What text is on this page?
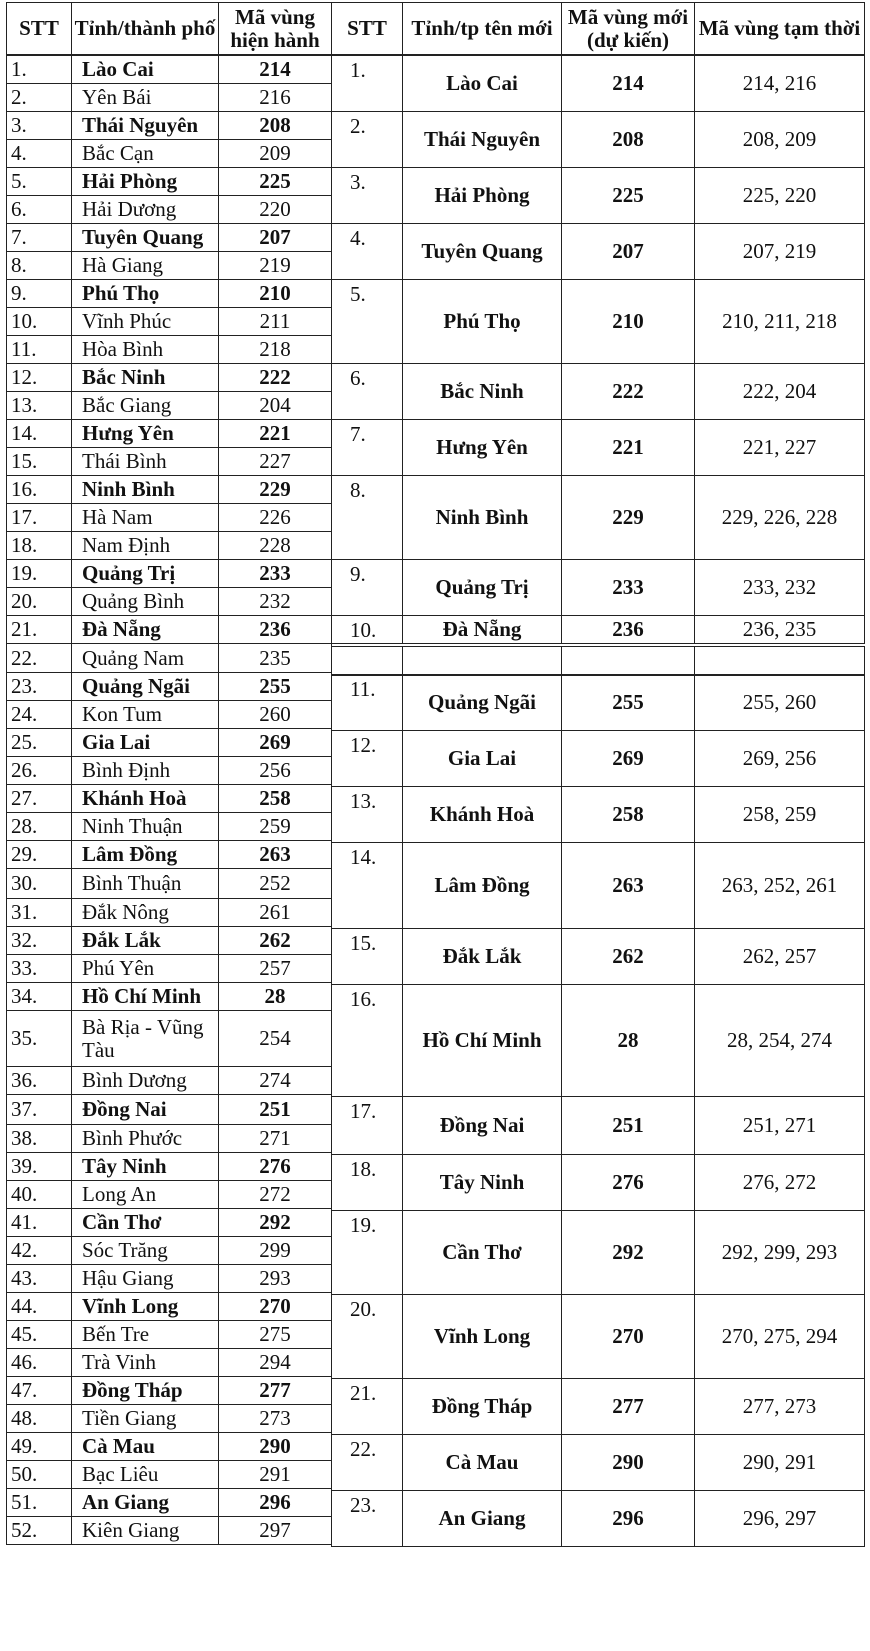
STT	Tỉnh/thành phố	Mã vùng hiện hành	STT	Tỉnh/tp tên mới	Mã vùng mới (dự kiến)	Mã vùng tạm thời
1.	Lào Cai	214
2.	Yên Bái	216
3.	Thái Nguyên	208
4.	Bắc Cạn	209
5.	Hải Phòng	225
6.	Hải Dương	220
7.	Tuyên Quang	207
8.	Hà Giang	219
9.	Phú Thọ	210
10.	Vĩnh Phúc	211
11.	Hòa Bình	218
12.	Bắc Ninh	222
13.	Bắc Giang	204
14.	Hưng Yên	221
15.	Thái Bình	227
16.	Ninh Bình	229
17.	Hà Nam	226
18.	Nam Định	228
19.	Quảng Trị	233
20.	Quảng Bình	232
21.	Đà Nẵng	236
22.	Quảng Nam	235
23.	Quảng Ngãi	255
24.	Kon Tum	260
25.	Gia Lai	269
26.	Bình Định	256
27.	Khánh Hoà	258
28.	Ninh Thuận	259
29.	Lâm Đồng	263
30.	Bình Thuận	252
31.	Đắk Nông	261
32.	Đắk Lắk	262
33.	Phú Yên	257
34.	Hồ Chí Minh	28
35.	Bà Rịa - Vũng Tàu	254
36.	Bình Dương	274
37.	Đồng Nai	251
38.	Bình Phước	271
39.	Tây Ninh	276
40.	Long An	272
41.	Cần Thơ	292
42.	Sóc Trăng	299
43.	Hậu Giang	293
44.	Vĩnh Long	270
45.	Bến Tre	275
46.	Trà Vinh	294
47.	Đồng Tháp	277
48.	Tiền Giang	273
49.	Cà Mau	290
50.	Bạc Liêu	291
51.	An Giang	296
52.	Kiên Giang	297
1.	Lào Cai	214	214, 216
2.	Thái Nguyên	208	208, 209
3.	Hải Phòng	225	225, 220
4.	Tuyên Quang	207	207, 219
5.	Phú Thọ	210	210, 211, 218
6.	Bắc Ninh	222	222, 204
7.	Hưng Yên	221	221, 227
8.	Ninh Bình	229	229, 226, 228
9.	Quảng Trị	233	233, 232
10.	Đà Nẵng	236	236, 235

11.	Quảng Ngãi	255	255, 260
12.	Gia Lai	269	269, 256
13.	Khánh Hoà	258	258, 259
14.	Lâm Đồng	263	263, 252, 261
15.	Đắk Lắk	262	262, 257
16.	Hồ Chí Minh	28	28, 254, 274
17.	Đồng Nai	251	251, 271
18.	Tây Ninh	276	276, 272
19.	Cần Thơ	292	292, 299, 293
20.	Vĩnh Long	270	270, 275, 294
21.	Đồng Tháp	277	277, 273
22.	Cà Mau	290	290, 291
23.	An Giang	296	296, 297
